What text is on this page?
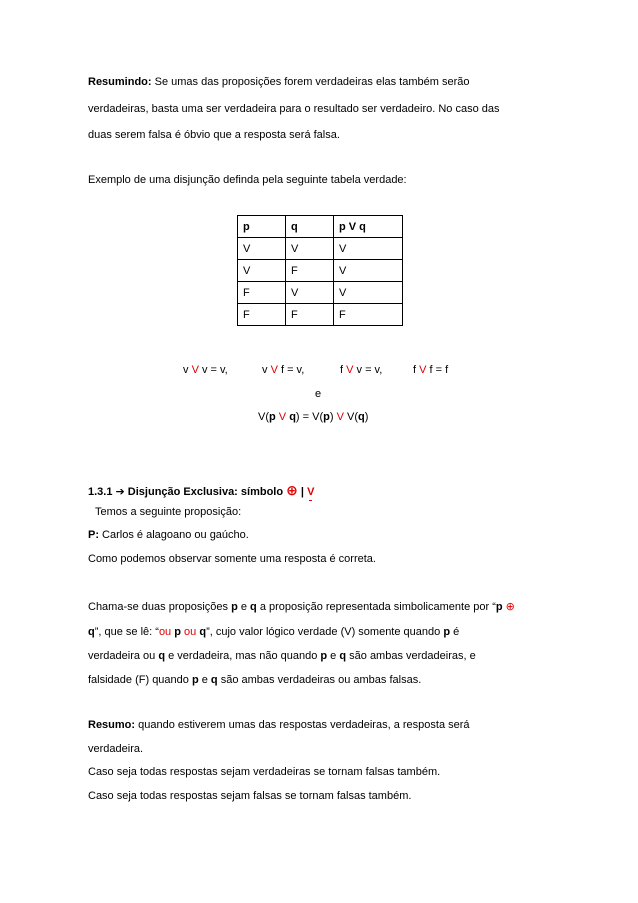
Resumindo: Se umas das proposições forem verdadeiras elas também serão
verdadeiras, basta uma ser verdadeira para o resultado ser verdadeiro. No caso das
duas serem falsa é óbvio que a resposta será falsa.
Exemplo de uma disjunção definda pela seguinte tabela verdade:
p	q	p V q
V	V	V
V	F	V
F	V	V
F	F	F
v V v = v,	v V f = v,	f V v = v,	f V f = f
e
V(p V q) = V(p) V V(q)
1.3.1 ➔ Disjunção Exclusiva: símbolo ⊕ | V
Temos a seguinte proposição:
P: Carlos é alagoano ou gaúcho.
Como podemos observar somente uma resposta é correta.
Chama-se duas proposições p e q a proposição representada simbolicamente por “p ⊕
q”, que se lê: “ou p ou q”, cujo valor lógico verdade (V) somente quando p é
verdadeira ou q e verdadeira, mas não quando p e q são ambas verdadeiras, e
falsidade (F) quando p e q são ambas verdadeiras ou ambas falsas.
Resumo: quando estiverem umas das respostas verdadeiras, a resposta será
verdadeira.
Caso seja todas respostas sejam verdadeiras se tornam falsas também.
Caso seja todas respostas sejam falsas se tornam falsas também.
